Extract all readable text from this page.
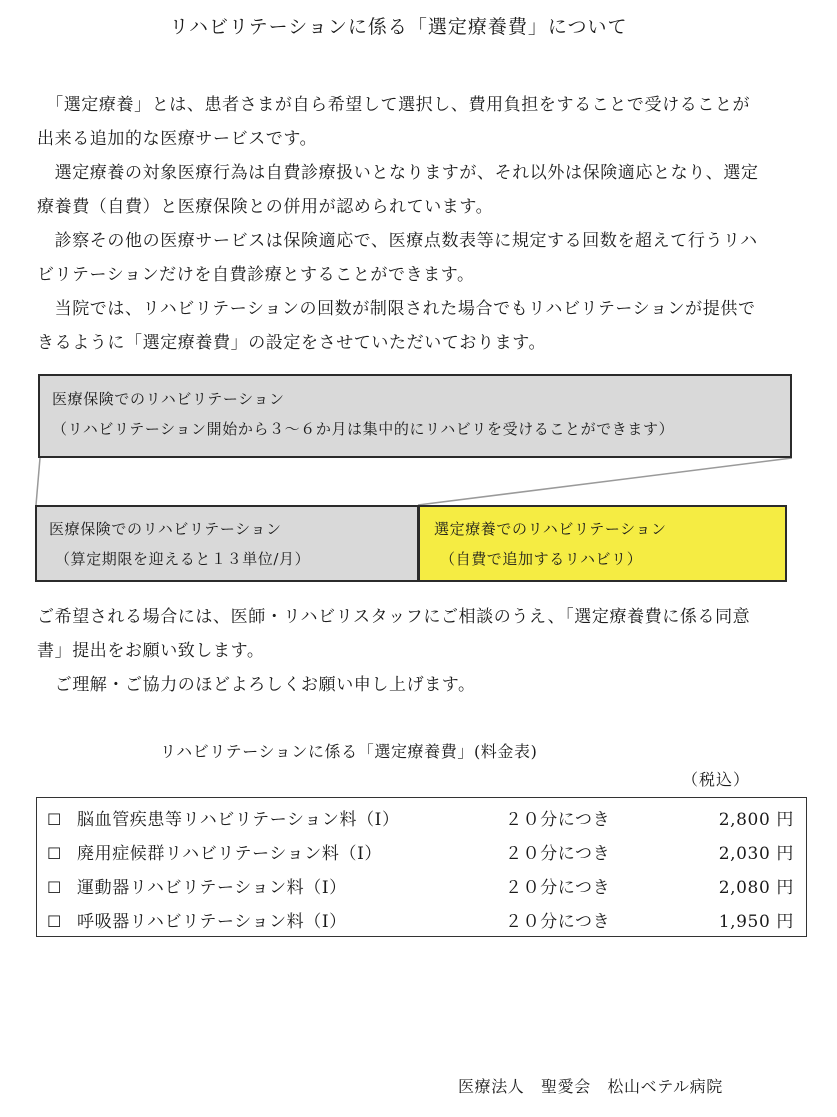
リハビリテーションに係る「選定療養費」について

　「選定療養」とは、患者さまが自ら希望して選択し、費用負担をすることで受けることが出来る追加的な医療サービスです。

　選定療養の対象医療行為は自費診療扱いとなりますが、それ以外は保険適応となり、選定療養費（自費）と医療保険との併用が認められています。

　診察その他の医療サービスは保険適応で、医療点数表等に規定する回数を超えて行うリハビリテーションだけを自費診療とすることができます。

　当院では、リハビリテーションの回数が制限された場合でもリハビリテーションが提供できるように「選定療養費」の設定をさせていただいております。

医療保険でのリハビリテーション
（リハビリテーション開始から３～６か月は集中的にリハビリを受けることができます）
医療保険でのリハビリテーション
（算定期限を迎えると１３単位/月）
選定療養でのリハビリテーション
（自費で追加するリハビリ）

ご希望される場合には、医師・リハビリスタッフにご相談のうえ、「選定療養費に係る同意書」提出をお願い致します。

　ご理解・ご協力のほどよろしくお願い申し上げます。

リハビリテーションに係る「選定療養費」(料金表)
（税込）
☐ 脳血管疾患等リハビリテーション料（Ⅰ）	２０分につき	2,800 円
☐ 廃用症候群リハビリテーション料（Ⅰ）	２０分につき	2,030 円
☐ 運動器リハビリテーション料（Ⅰ）	２０分につき	2,080 円
☐ 呼吸器リハビリテーション料（Ⅰ）	２０分につき	1,950 円
医療法人　聖愛会　松山ベテル病院
